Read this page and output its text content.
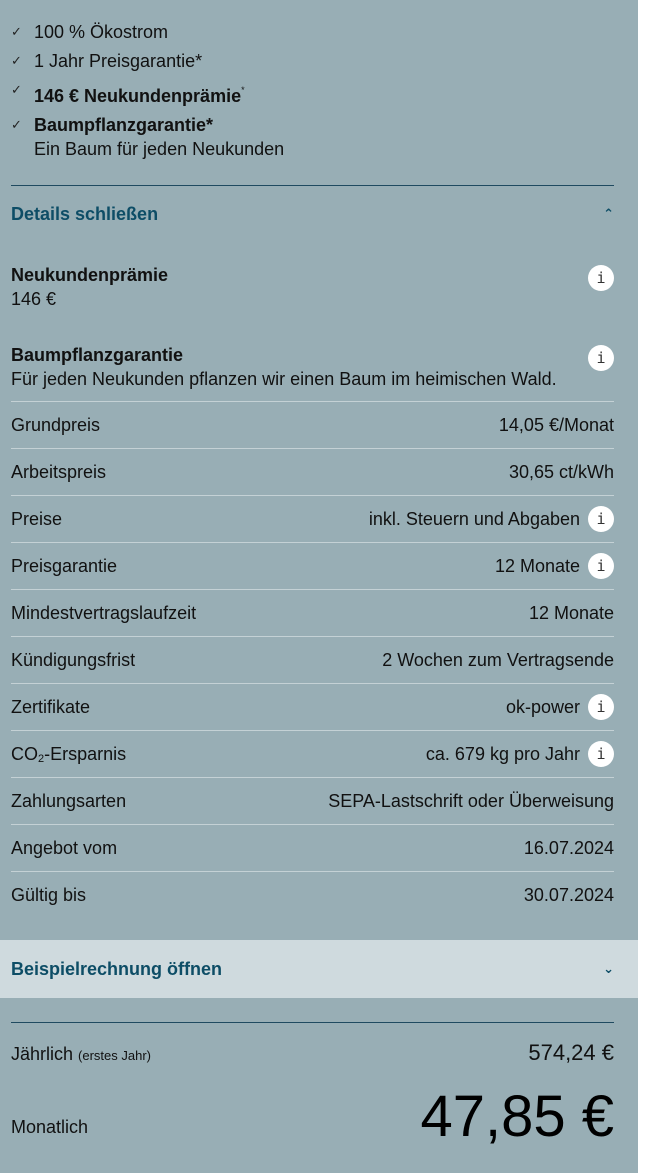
✓ 100 % Ökostrom
✓ 1 Jahr Preisgarantie*
✓ 146 € Neukundenprämie*
✓ Baumpflanzgarantie*
Ein Baum für jeden Neukunden
Details schließen	⌃
Neukundenprämie
146 €
i
Baumpflanzgarantie
Für jeden Neukunden pflanzen wir einen Baum im heimischen Wald.
i
Grundpreis	14,05 €/Monat
Arbeitspreis	30,65 ct/kWh
Preise	inkl. Steuern und Abgaben	i
Preisgarantie	12 Monate	i
Mindestvertragslaufzeit	12 Monate
Kündigungsfrist	2 Wochen zum Vertragsende
Zertifikate	ok-power	i
$CO_2$-Ersparnis	ca. 679 kg pro Jahr	i
Zahlungsarten	SEPA-Lastschrift oder Überweisung
Angebot vom	16.07.2024
Gültig bis	30.07.2024
Beispielrechnung öffnen	⌄
Jährlich (erstes Jahr)	574,24 €
Monatlich	47,85 €
